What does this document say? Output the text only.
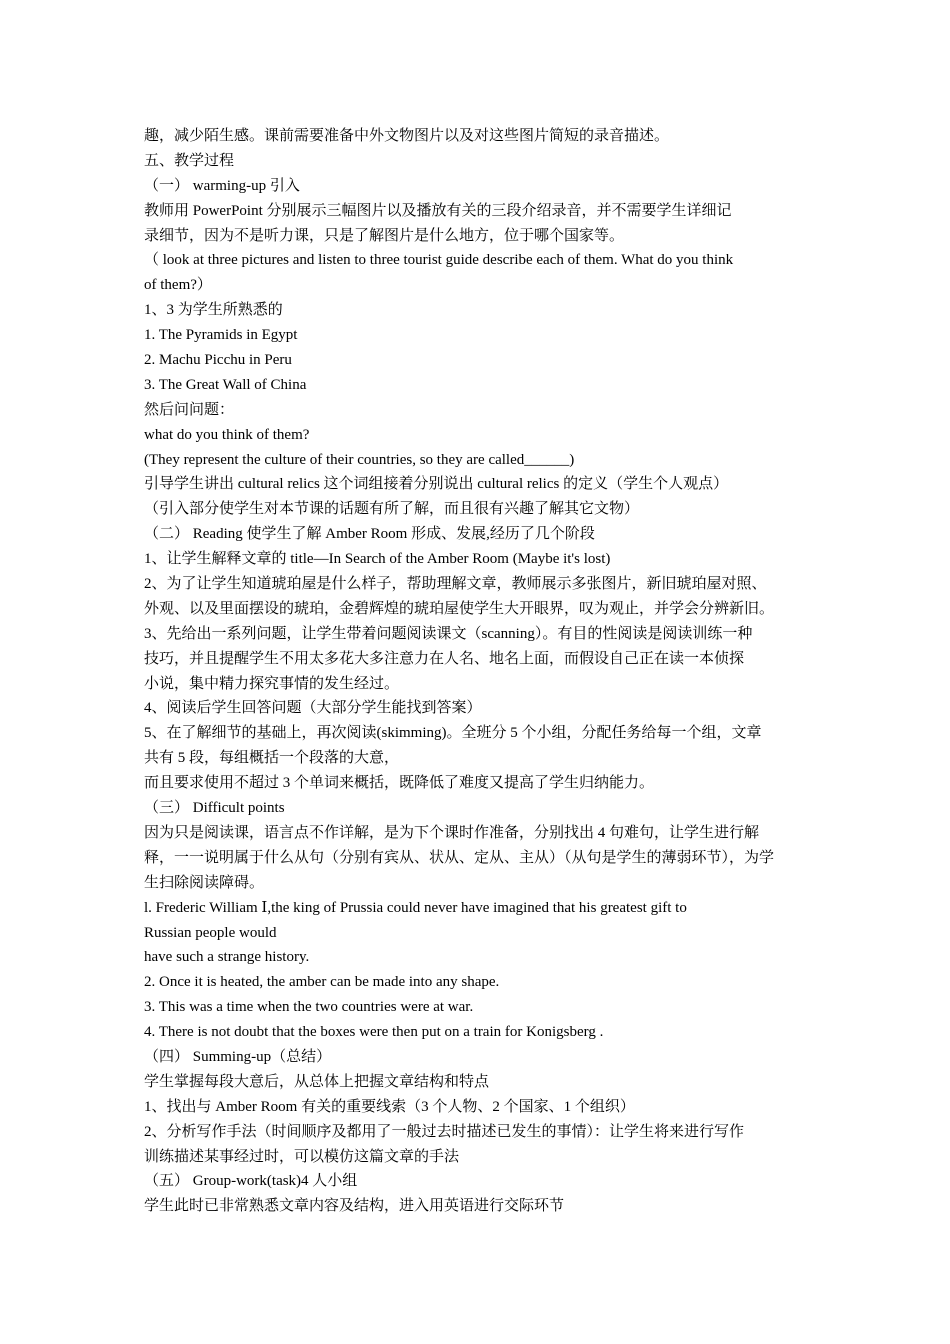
趣，减少陌生感。课前需要准备中外文物图片以及对这些图片简短的录音描述。
五、教学过程
（一） warming-up 引入
教师用 PowerPoint 分别展示三幅图片以及播放有关的三段介绍录音，并不需要学生详细记
录细节，因为不是听力课，只是了解图片是什么地方，位于哪个国家等。
（ look at three pictures and listen to three tourist guide describe each of them. What do you think
of them?）
1、3 为学生所熟悉的
1. The Pyramids in Egypt
2. Machu Picchu in Peru
3. The Great Wall of China
然后问问题：
what do you think of them?
(They represent the culture of their countries, so they are called______)
引导学生讲出 cultural relics 这个词组接着分别说出 cultural relics 的定义（学生个人观点）
（引入部分使学生对本节课的话题有所了解，而且很有兴趣了解其它文物）
（二） Reading 使学生了解 Amber Room 形成、发展,经历了几个阶段
1、让学生解释文章的 title—In Search of the Amber Room (Maybe it's lost)
2、为了让学生知道琥珀屋是什么样子，帮助理解文章，教师展示多张图片，新旧琥珀屋对照、
外观、以及里面摆设的琥珀，金碧辉煌的琥珀屋使学生大开眼界，叹为观止，并学会分辨新旧。
3、先给出一系列问题，让学生带着问题阅读课文（scanning）。有目的性阅读是阅读训练一种
技巧，并且提醒学生不用太多花大多注意力在人名、地名上面，而假设自己正在读一本侦探
小说，集中精力探究事情的发生经过。
4、阅读后学生回答问题（大部分学生能找到答案）
5、在了解细节的基础上，再次阅读(skimming)。全班分 5 个小组，分配任务给每一个组，文章
共有 5 段，每组概括一个段落的大意，
而且要求使用不超过 3 个单词来概括，既降低了难度又提高了学生归纳能力。
（三） Difficult points
因为只是阅读课，语言点不作详解，是为下个课时作准备，分别找出 4 句难句，让学生进行解
释，一一说明属于什么从句（分别有宾从、状从、定从、主从）（从句是学生的薄弱环节），为学
生扫除阅读障碍。
l. Frederic William Ⅰ,the king of Prussia could never have imagined that his greatest gift to
Russian people would
have such a strange history.
2. Once it is heated, the amber can be made into any shape.
3. This was a time when the two countries were at war.
4. There is not doubt that the boxes were then put on a train for Konigsberg .
（四） Summing-up（总结）
学生掌握每段大意后，从总体上把握文章结构和特点
1、找出与 Amber Room 有关的重要线索（3 个人物、2 个国家、1 个组织）
2、分析写作手法（时间顺序及都用了一般过去时描述已发生的事情）：让学生将来进行写作
训练描述某事经过时，可以模仿这篇文章的手法
（五） Group-work(task)4 人小组
学生此时已非常熟悉文章内容及结构，进入用英语进行交际环节
